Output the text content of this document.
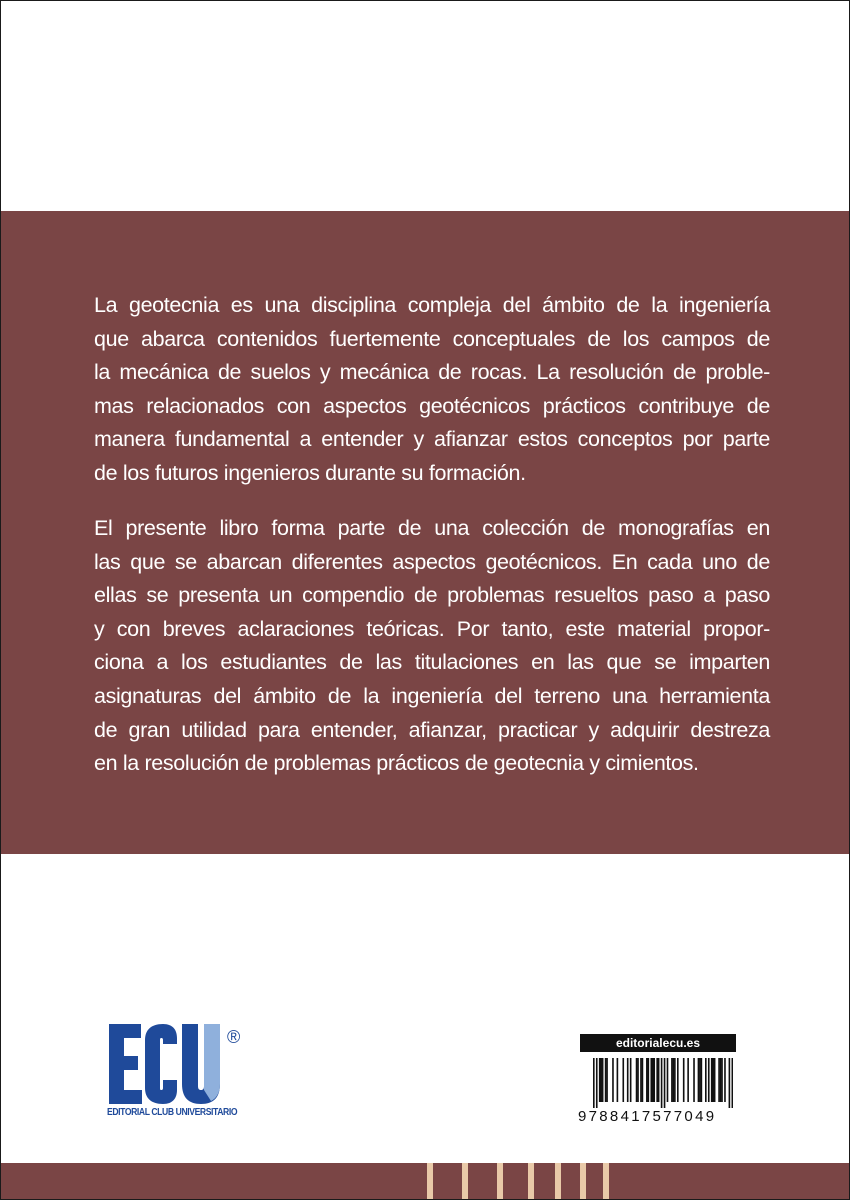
La geotecnia es una disciplina compleja del ámbito de la ingeniería
que abarca contenidos fuertemente conceptuales de los campos de
la mecánica de suelos y mecánica de rocas. La resolución de proble-
mas relacionados con aspectos geotécnicos prácticos contribuye de
manera fundamental a entender y afianzar estos conceptos por parte
de los futuros ingenieros durante su formación.
El presente libro forma parte de una colección de monografías en
las que se abarcan diferentes aspectos geotécnicos. En cada uno de
ellas se presenta un compendio de problemas resueltos paso a paso
y con breves aclaraciones teóricas. Por tanto, este material propor-
ciona a los estudiantes de las titulaciones en las que se imparten
asignaturas del ámbito de la ingeniería del terreno una herramienta
de gran utilidad para entender, afianzar, practicar y adquirir destreza
en la resolución de problemas prácticos de geotecnia y cimientos.
®
EDITORIAL CLUB UNIVERSITARIO
editorialecu.es
9788417577049
